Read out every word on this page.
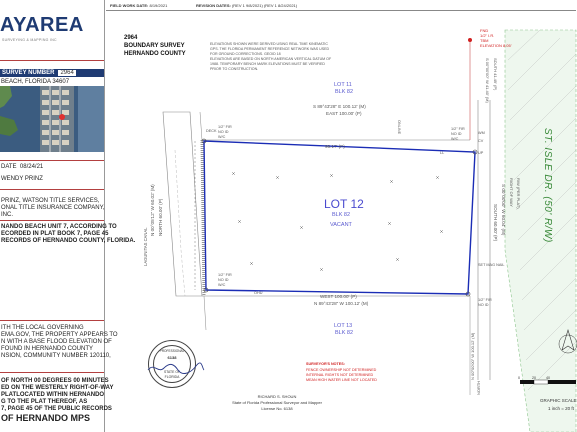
AYAREA
SURVEYING & MAPPING INC
SURVEY NUMBER 2964
BEACH, FLORIDA 34607
DATE 08/24/21
WENDY PRINZ
PRINZ, WATSON TITLE SERVICES,
ONAL TITLE INSURANCE COMPANY,
INC.
NANDO BEACH UNIT 7, ACCORDING TO
ECORDED IN PLAT BOOK 7, PAGE 45
RECORDS OF HERNANDO COUNTY, FLORIDA.
ITH THE LOCAL GOVERNING
EMA.GOV, THE PROPERTY APPEARS TO
N WITH A BASE FLOOD ELEVATION OF
FOUND IN HERNANDO COUNTY
NSION, COMMUNITY NUMBER 120110,
OF NORTH 00 DEGREES 00 MINUTES
ED ON THE WESTERLY RIGHT-OF-WAY
PLATLOCATED WITHIN HERNANDO
G TO THE PLAT THEREOF, AS
7, PAGE 45 OF THE PUBLIC RECORDS
OF HERNANDO MPS
FIELD WORK DATE: 8/19/2021	REVISION DATES: (REV 1 9/8/2021) (REV 1 8/24/2021)
2964
BOUNDARY SURVEY
HERNANDO COUNTY
ELEVATIONS SHOWN WERE DERIVED USING REAL TIME KINEMATIC
GPS. THE FLORIDA PERMANENT REFERENCE NETWORK WAS USED
FOR GROUND CORRECTIONS. GEOID 18
ELEVATIONS ARE BASED ON NORTH AMERICAN VERTICAL DATUM OF
1988. TEMPORARY BENCH MARK ELEVATIONS MUST BE VERIFIED
PRIOR TO CONSTRUCTION.
LOT 11
BLK 82
LOT 12
BLK 82
VACANT
LOT 13
BLK 82
S 89°43'28" E 100.12' (M)
EAST 100.00' (P)
95.17' (P)
WEST 100.00' (P)
N 89°43'28" W 100.12' (M)
N 00°05'12" W 60.02' (M) NORTH 60.00' (P)
LAGUNITAS CANAL
SOUTH 60.00' (P) S 00°00'00" W 60.04' (M)
S 00°00'00" W 41.40' (M) SOUTH 41.49' (P)
NORTH
N 00°00'00" W 100.12' (M)
RIGHT OF WAY R/W (PER PLAT) ST. ISLE DR. (50' R/W)
FND
1/2" I.R.
TBM
ELEVATION 8.05'
1/2" FIR
NO ID
W/C
1/2" FIR
NO ID
W/C
1/2" FIR
NO ID
W/C
SET MAG NAIL
1/2" FIR
NO ID
DECK
OHU
LL	UP
WM
CV
ONLINE
SURVEYOR'S NOTES:
FENCE OWNERSHIP NOT DETERMINED
INTERNAL RIGHTS NOT DETERMINED
MEAN HIGH WATER LINE NOT LOCATED
PROFESSIONAL
6138
STATE OF
FLORIDA
RICHARD S. SHOUN
State of Florida Professional Surveyor and Mapper
License No. 6138
0	20	40
GRAPHIC SCALE
1 inch = 20 ft
